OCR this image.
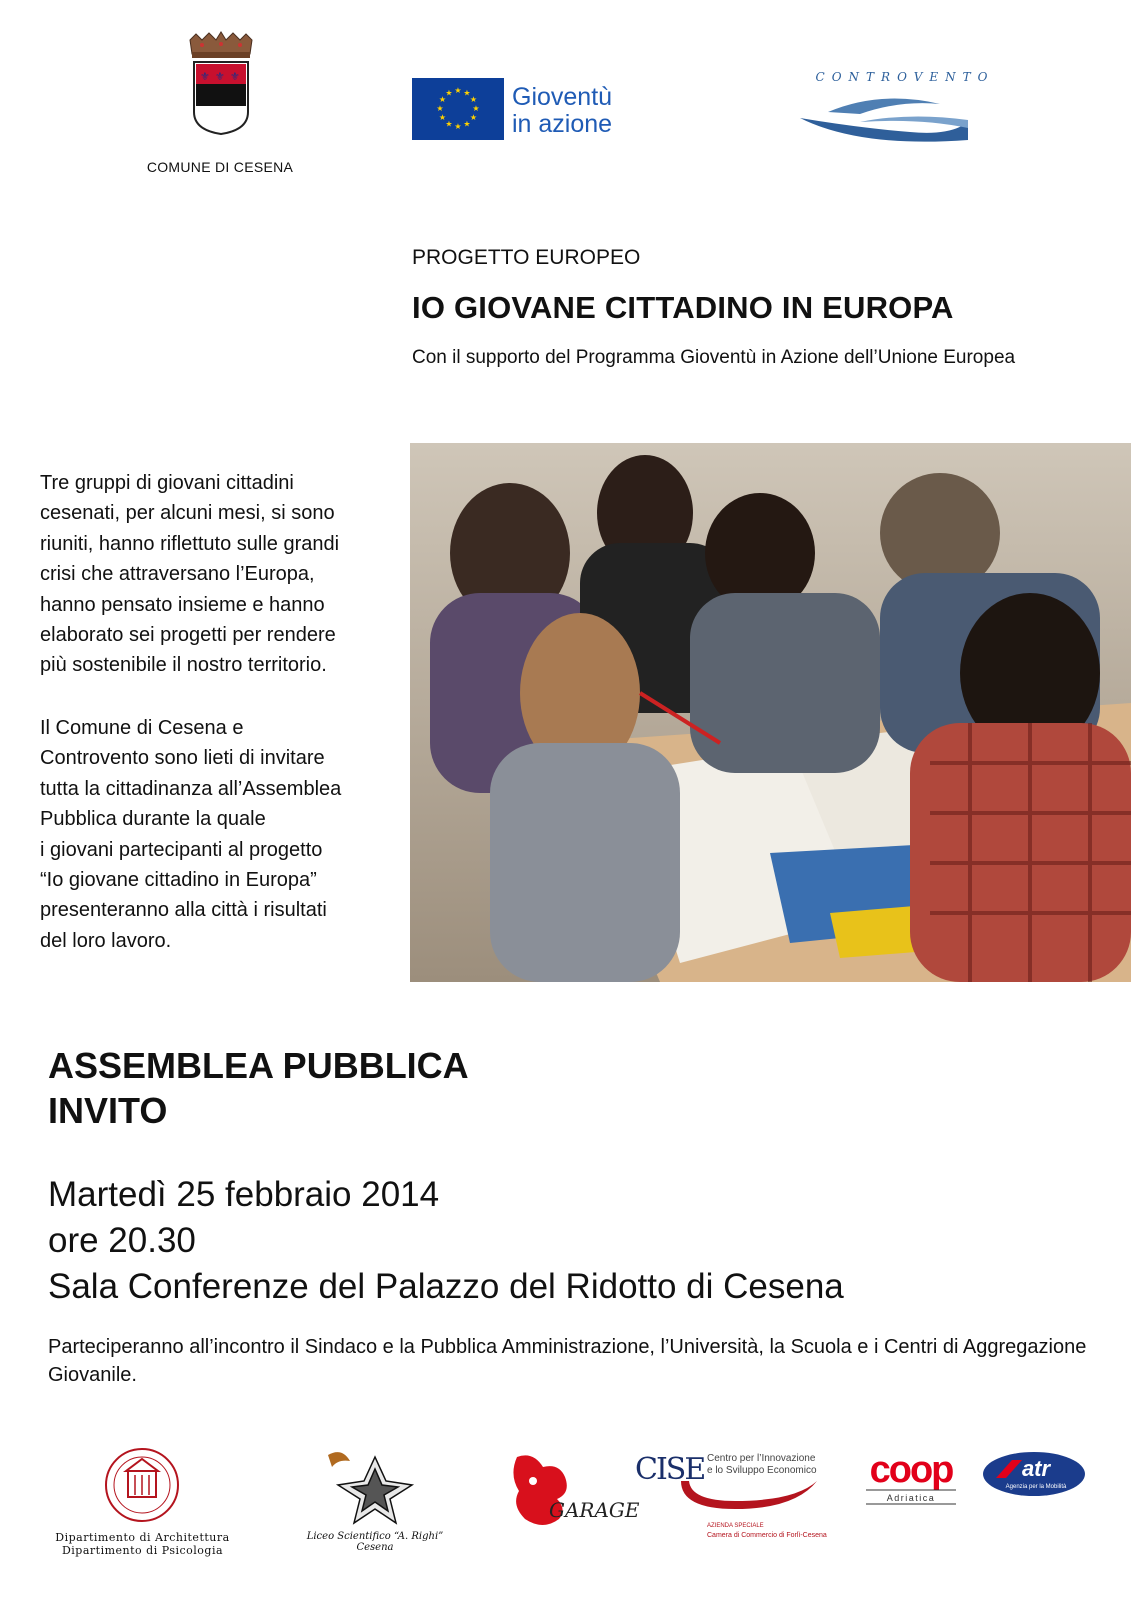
⚜ ⚜ ⚜
COMUNE DI CESENA
★ ★
★
★
★
★
★
★
★
★
★
★ Gioventù
in azione
CONTROVENTO
PROGETTO EUROPEO
IO GIOVANE CITTADINO IN EUROPA
Con il supporto del Programma Gioventù in Azione dell’Unione Europea
Tre gruppi di giovani cittadini
cesenati, per alcuni mesi, si sono
riuniti, hanno riflettuto sulle grandi
crisi che attraversano l’Europa,
hanno pensato insieme e hanno
elaborato sei progetti per rendere
più sostenibile il nostro territorio.
Il Comune di Cesena e
Controvento sono lieti di invitare
tutta la cittadinanza all’Assemblea
Pubblica durante la quale
i giovani partecipanti al progetto
“Io giovane cittadino in Europa”
presenteranno alla città i risultati
del loro lavoro.
ASSEMBLEA PUBBLICA
INVITO
Martedì 25 febbraio 2014
ore 20.30
Sala Conferenze del Palazzo del Ridotto di Cesena
Parteciperanno all’incontro il Sindaco e la Pubblica Amministrazione, l’Università, la Scuola e i Centri di Aggregazione Giovanile.
Dipartimento di Architettura
Dipartimento di Psicologia
Liceo Scientifico “A. Righi” Cesena
GARAGE
CISE Centro per l’Innovazione
e lo Sviluppo Economico
AZIENDA SPECIALE
Camera di Commercio di Forlì-Cesena
coop
Adriatica
atr
Agenzia per la Mobilità
